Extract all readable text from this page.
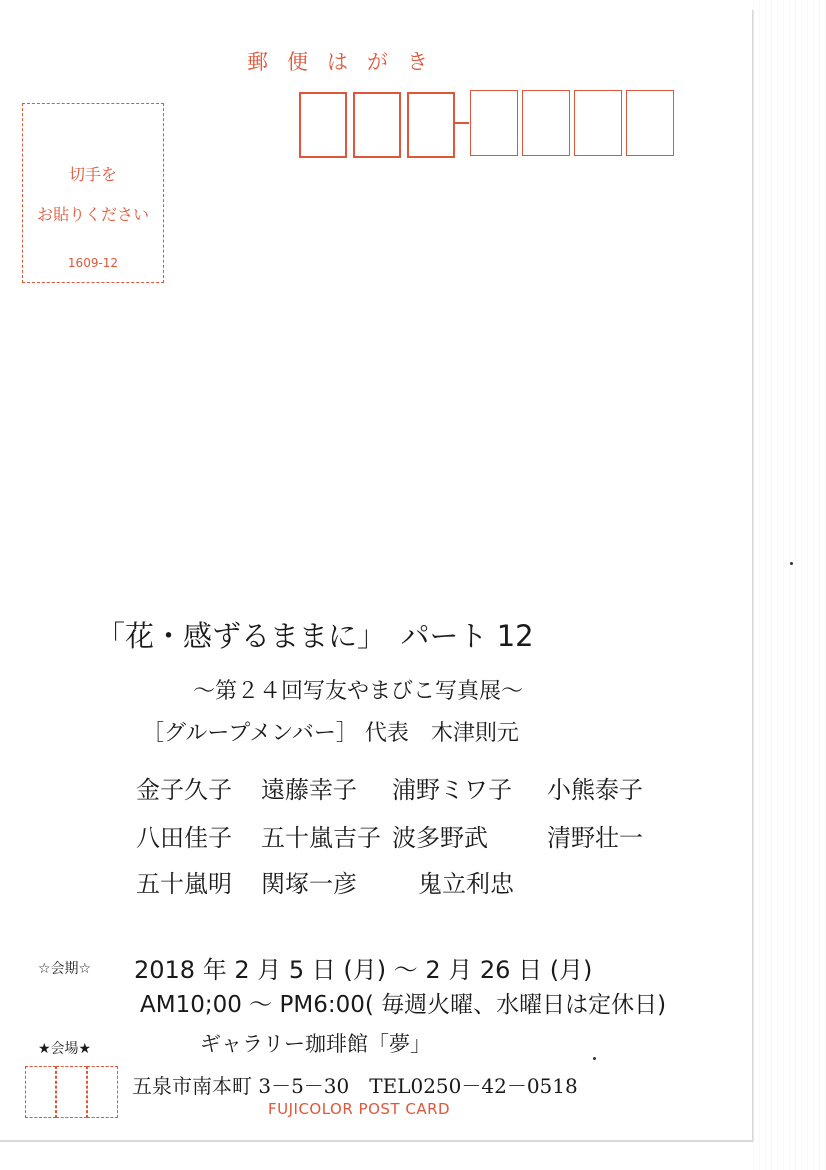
郵便はがき
切手を
お貼りください
1609-12
「花・感ずるままに」　パート 12
〜第２４回写友やまびこ写真展〜
［グループメンバー］ 代表　木津則元
金子久子 遠藤幸子 浦野ミワ子 小熊泰子
八田佳子 五十嵐吉子 波多野武 清野壮一
五十嵐明 関塚一彦	鬼立利忠
☆会期☆ 2018 年 2 月 5 日 (月) 〜 2 月 26 日 (月)
AM10;00 〜 PM6:00( 毎週火曜、水曜日は定休日)
★会場★	ギャラリー珈琲館「夢」
五泉市南本町 3－5－30　TEL0250－42－0518
FUJICOLOR POST CARD
